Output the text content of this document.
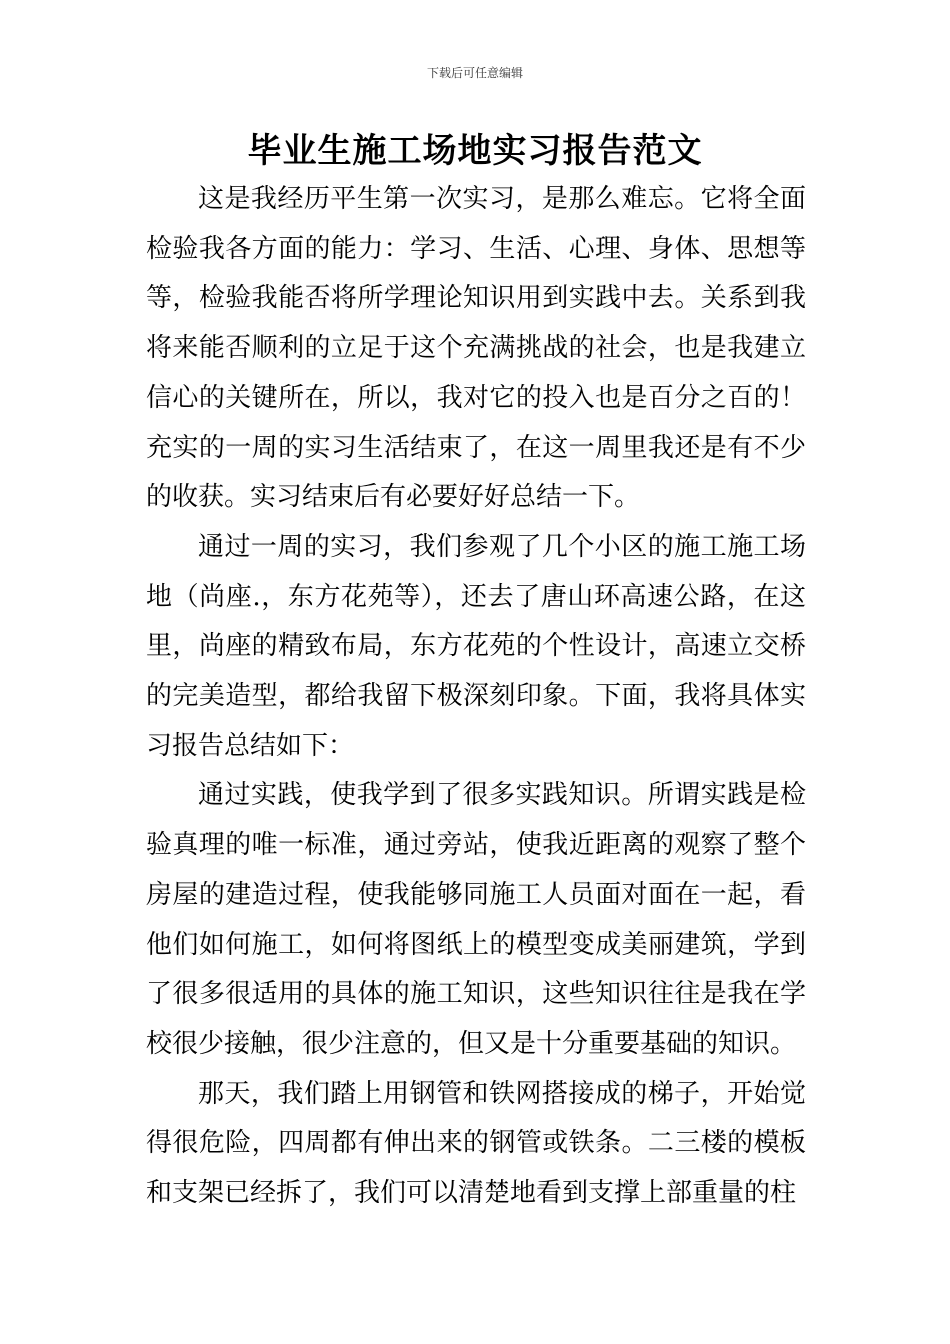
下载后可任意编辑
毕业生施工场地实习报告范文

这是我经历平生第一次实习，是那么难忘。它将全面检验我各方面的能力：学习、生活、心理、身体、思想等等，检验我能否将所学理论知识用到实践中去。关系到我将来能否顺利的立足于这个充满挑战的社会，也是我建立信心的关键所在，所以，我对它的投入也是百分之百的！充实的一周的实习生活结束了，在这一周里我还是有不少的收获。实习结束后有必要好好总结一下。

通过一周的实习，我们参观了几个小区的施工施工场地（尚座.，东方花苑等），还去了唐山环高速公路，在这里，尚座的精致布局，东方花苑的个性设计，高速立交桥的完美造型，都给我留下极深刻印象。下面，我将具体实习报告总结如下：

通过实践，使我学到了很多实践知识。所谓实践是检验真理的唯一标准，通过旁站，使我近距离的观察了整个房屋的建造过程，使我能够同施工人员面对面在一起，看他们如何施工，如何将图纸上的模型变成美丽建筑，学到了很多很适用的具体的施工知识，这些知识往往是我在学校很少接触，很少注意的，但又是十分重要基础的知识。

那天，我们踏上用钢管和铁网搭接成的梯子，开始觉得很危险，四周都有伸出来的钢管或铁条。二三楼的模板和支架已经拆了，我们可以清楚地看到支撑上部重量的柱
